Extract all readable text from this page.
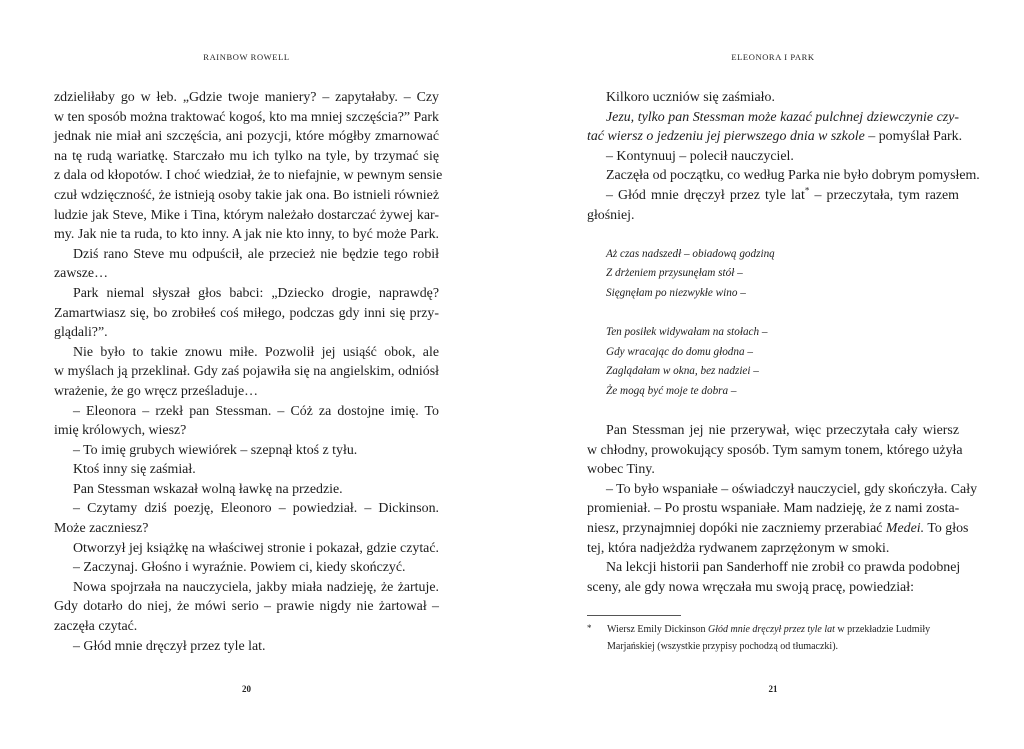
RAINBOW ROWELL
zdzieliłaby go w łeb. „Gdzie twoje maniery? – zapytałaby. – Czy
w ten sposób można traktować kogoś, kto ma mniej szczęścia?” Park
jednak nie miał ani szczęścia, ani pozycji, które mógłby zmarnować
na tę rudą wariatkę. Starczało mu ich tylko na tyle, by trzymać się
z dala od kłopotów. I choć wiedział, że to niefajnie, w pewnym sensie
czuł wdzięczność, że istnieją osoby takie jak ona. Bo istnieli również
ludzie jak Steve, Mike i Tina, którym należało dostarczać żywej kar-
my. Jak nie ta ruda, to kto inny. A jak nie kto inny, to być może Park.
Dziś rano Steve mu odpuścił, ale przecież nie będzie tego robił
zawsze…
Park niemal słyszał głos babci: „Dziecko drogie, naprawdę?
Zamartwiasz się, bo zrobiłeś coś miłego, podczas gdy inni się przy-
glądali?”.
Nie było to takie znowu miłe. Pozwolił jej usiąść obok, ale
w myślach ją przeklinał. Gdy zaś pojawiła się na angielskim, odniósł
wrażenie, że go wręcz prześladuje…
– Eleonora – rzekł pan Stessman. – Cóż za dostojne imię. To
imię królowych, wiesz?
– To imię grubych wiewiórek – szepnął ktoś z tyłu.
Ktoś inny się zaśmiał.
Pan Stessman wskazał wolną ławkę na przedzie.
– Czytamy dziś poezję, Eleonoro – powiedział. – Dickinson.
Może zaczniesz?
Otworzył jej książkę na właściwej stronie i pokazał, gdzie czytać.
– Zaczynaj. Głośno i wyraźnie. Powiem ci, kiedy skończyć.
Nowa spojrzała na nauczyciela, jakby miała nadzieję, że żartuje.
Gdy dotarło do niej, że mówi serio – prawie nigdy nie żartował –
zaczęła czytać.
– Głód mnie dręczył przez tyle lat.
20
ELEONORA I PARK
Kilkoro uczniów się zaśmiało.
Jezu, tylko pan Stessman może kazać pulchnej dziewczynie czy-
tać wiersz o jedzeniu jej pierwszego dnia w szkole – pomyślał Park.
– Kontynuuj – polecił nauczyciel.
Zaczęła od początku, co według Parka nie było dobrym pomysłem.
– Głód mnie dręczył przez tyle lat* – przeczytała, tym razem
głośniej.
Aż czas nadszedł – obiadową godziną
Z drżeniem przysunęłam stół –
Sięgnęłam po niezwykłe wino –
Ten posiłek widywałam na stołach –
Gdy wracając do domu głodna –
Zaglądałam w okna, bez nadziei –
Że mogą być moje te dobra –
Pan Stessman jej nie przerywał, więc przeczytała cały wiersz
w chłodny, prowokujący sposób. Tym samym tonem, którego użyła
wobec Tiny.
– To było wspaniałe – oświadczył nauczyciel, gdy skończyła. Cały
promieniał. – Po prostu wspaniałe. Mam nadzieję, że z nami zosta-
niesz, przynajmniej dopóki nie zaczniemy przerabiać Medei. To głos
tej, która nadjeżdża rydwanem zaprzężonym w smoki.
Na lekcji historii pan Sanderhoff nie zrobił co prawda podobnej
sceny, ale gdy nowa wręczała mu swoją pracę, powiedział:
* Wiersz Emily Dickinson Głód mnie dręczył przez tyle lat w przekładzie Ludmiły
Marjańskiej (wszystkie przypisy pochodzą od tłumaczki).
21
